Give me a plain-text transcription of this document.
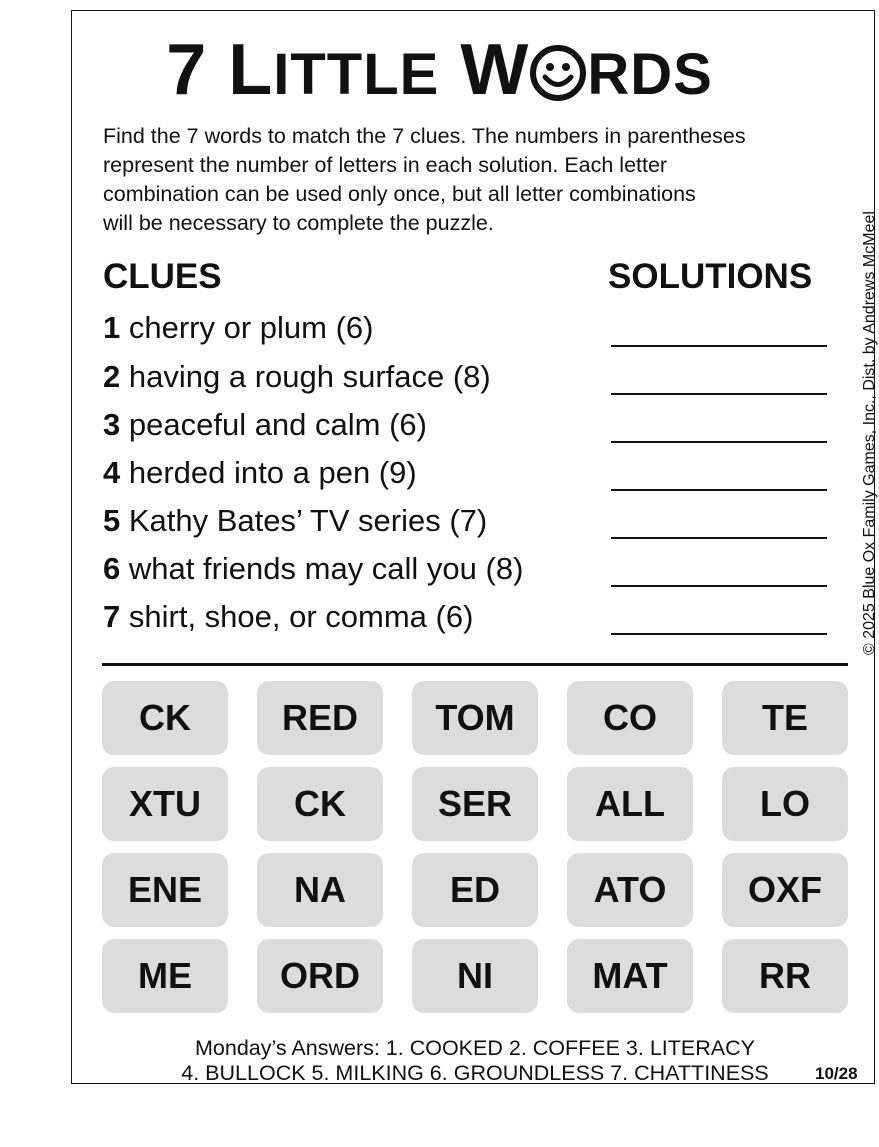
7 LITTLE W RDS
Find the 7 words to match the 7 clues. The numbers in parentheses
represent the number of letters in each solution. Each letter
combination can be used only once, but all letter combinations
will be necessary to complete the puzzle.
CLUES	SOLUTIONS
1 cherry or plum (6)
2 having a rough surface (8)
3 peaceful and calm (6)
4 herded into a pen (9)
5 Kathy Bates’ TV series (7)
6 what friends may call you (8)
7 shirt, shoe, or comma (6)	© 2025 Blue Ox Family Games, Inc., Dist. by Andrews McMeel
CK	RED	TOM	CO	TE
XTU	CK	SER	ALL	LO
ENE	NA	ED	ATO	OXF
ME	ORD	NI	MAT	RR
Monday’s Answers: 1. COOKED 2. COFFEE 3. LITERACY
4. BULLOCK 5. MILKING 6. GROUNDLESS 7. CHATTINESS	10/28
